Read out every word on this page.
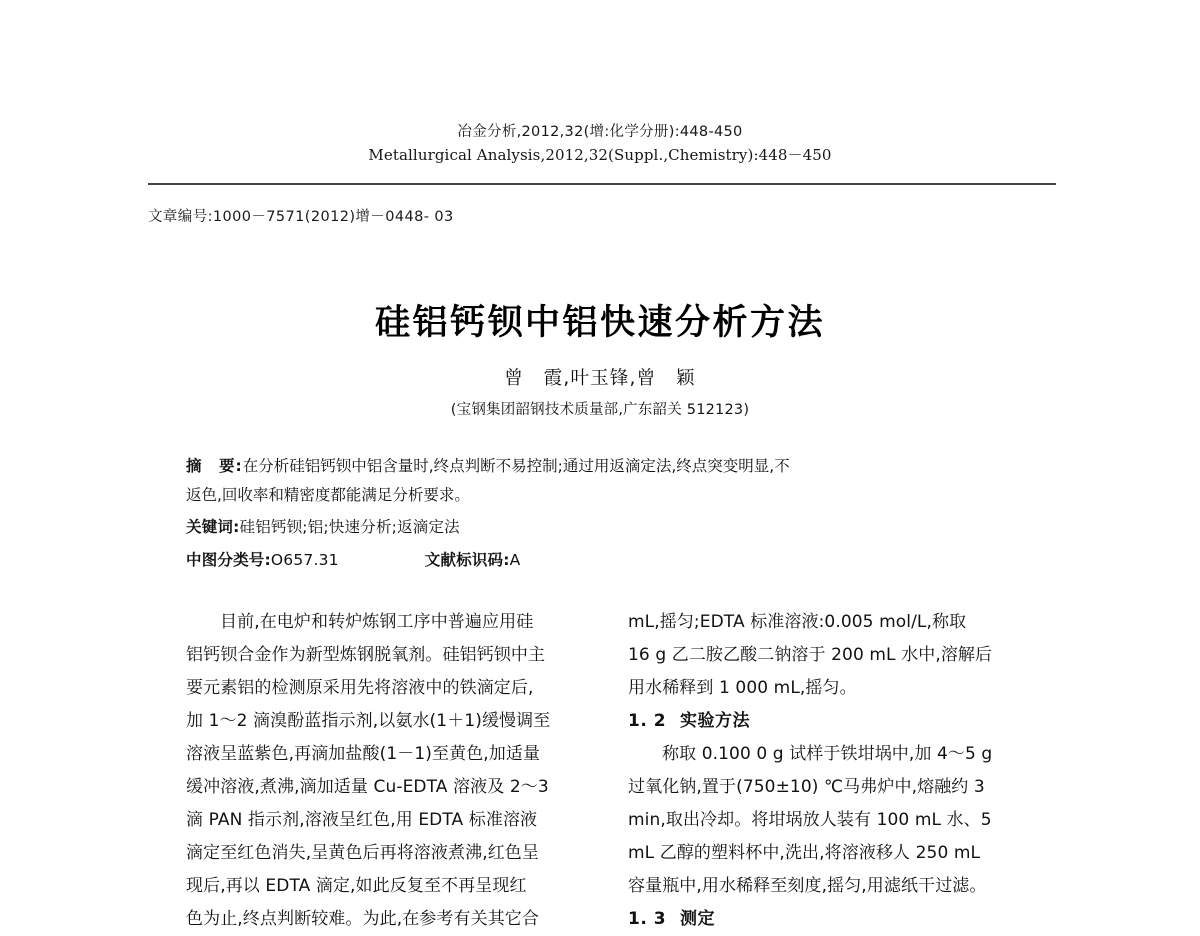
冶金分析,2012,32(增:化学分册):448-450
Metallurgical Analysis,2012,32(Suppl.,Chemistry):448－450
文章编号:1000－7571(2012)增－0448- 03
硅铝钙钡中铝快速分析方法
曾　霞,叶玉锋,曾　颖
(宝钢集团韶钢技术质量部,广东韶关 512123)
摘　要:在分析硅铝钙钡中铝含量时,终点判断不易控制;通过用返滴定法,终点突变明显,不
返色,回收率和精密度都能满足分析要求。
关键词:硅铝钙钡;铝;快速分析;返滴定法
中图分类号:O657.31	文献标识码:A
目前,在电炉和转炉炼钢工序中普遍应用硅
铝钙钡合金作为新型炼钢脱氧剂。硅铝钙钡中主
要元素铝的检测原采用先将溶液中的铁滴定后,
加 1～2 滴溴酚蓝指示剂,以氨水(1＋1)缓慢调至
溶液呈蓝紫色,再滴加盐酸(1－1)至黄色,加适量
缓冲溶液,煮沸,滴加适量 Cu-EDTA 溶液及 2～3
滴 PAN 指示剂,溶液呈红色,用 EDTA 标准溶液
滴定至红色消失,呈黄色后再将溶液煮沸,红色呈
现后,再以 EDTA 滴定,如此反复至不再呈现红
色为止,终点判断较难。为此,在参考有关其它合
mL,摇匀;EDTA 标准溶液:0.005 mol/L,称取
16 g 乙二胺乙酸二钠溶于 200 mL 水中,溶解后
用水稀释到 1 000 mL,摇匀。
1. 2 实验方法
称取 0.100 0 g 试样于铁坩埚中,加 4～5 g
过氧化钠,置于(750±10) ℃马弗炉中,熔融约 3
min,取出冷却。将坩埚放人装有 100 mL 水、5
mL 乙醇的塑料杯中,洗出,将溶液移人 250 mL
容量瓶中,用水稀释至刻度,摇匀,用滤纸干过滤。
1. 3 测定
